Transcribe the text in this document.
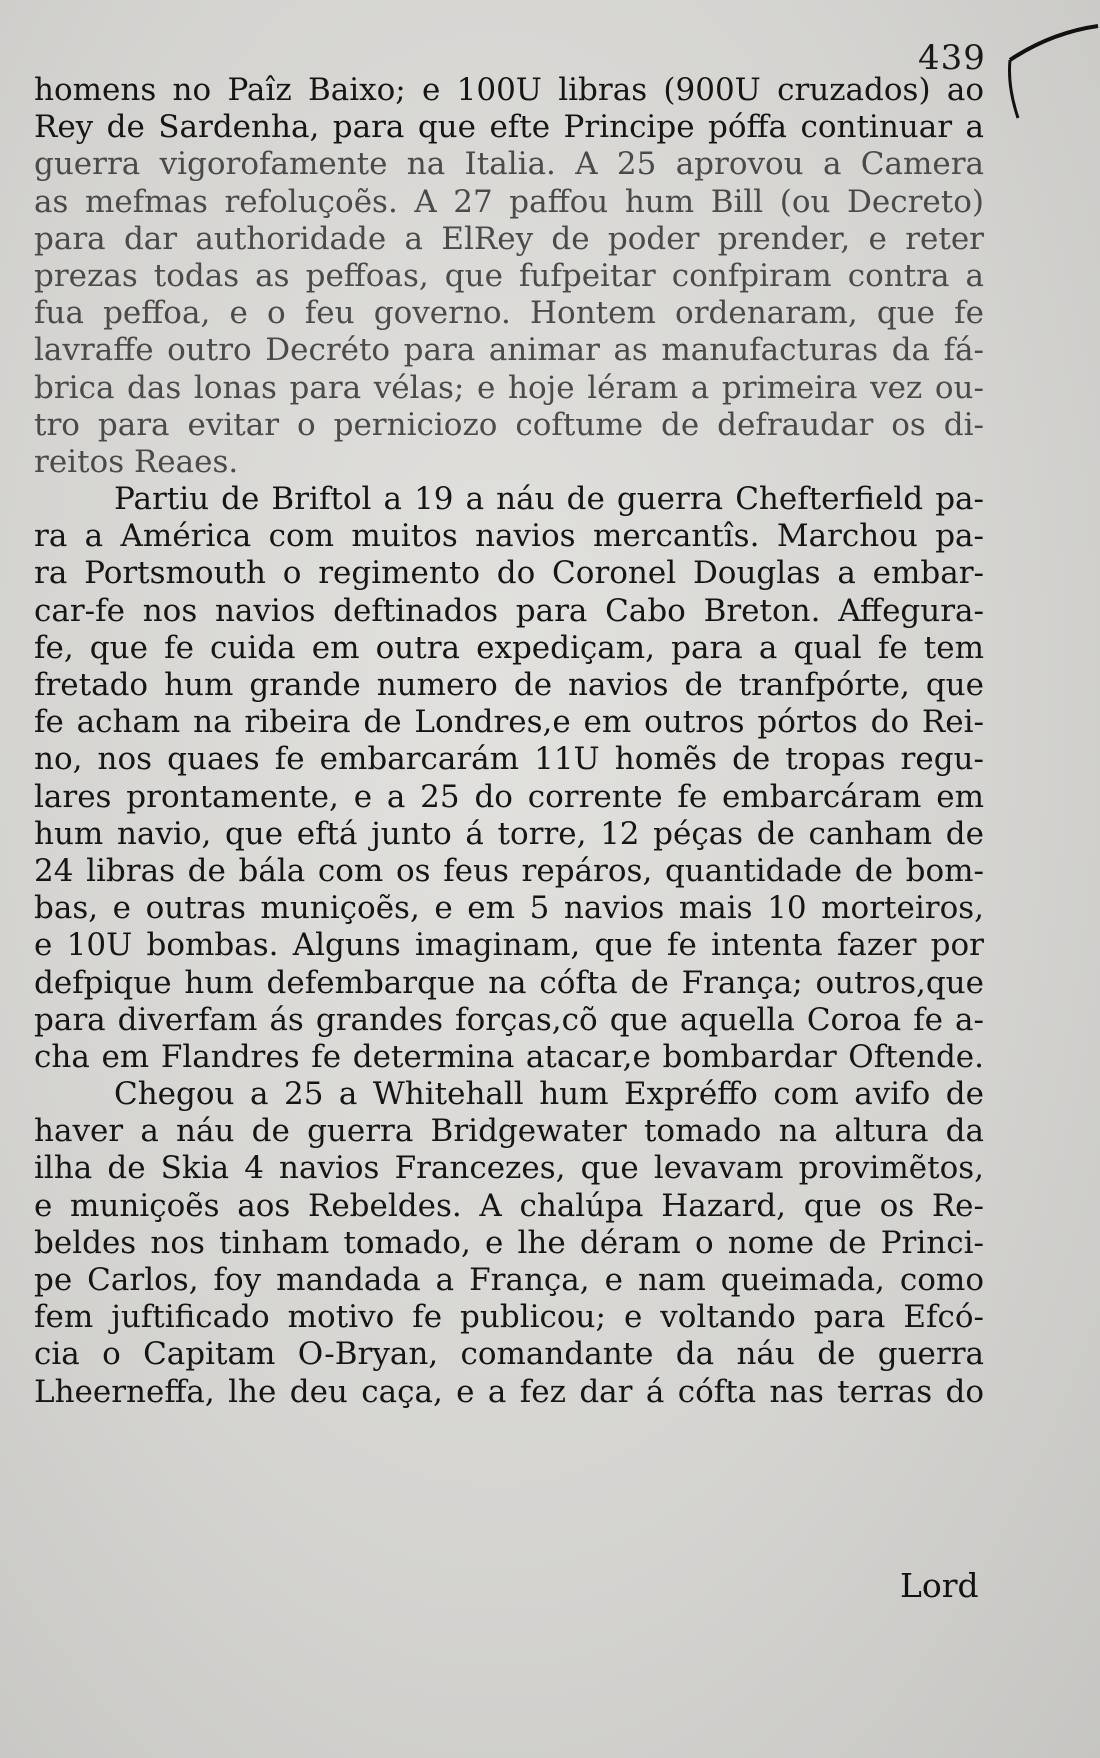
439
homens no Paîz Baixo; e 100U libras (900U cruzados) ao
Rey de Sardenha, para que efte Principe póffa continuar a
guerra vigorofamente na Italia. A 25 aprovou a Camera
as mefmas refoluçoẽs. A 27 paffou hum Bill (ou Decreto)
para dar authoridade a ElRey de poder prender, e reter
prezas todas as peffoas, que fufpeitar confpiram contra a
fua peffoa, e o feu governo. Hontem ordenaram, que fe
lavraffe outro Decréto para animar as manufacturas da fá-
brica das lonas para vélas; e hoje léram a primeira vez ou-
tro para evitar o perniciozo coftume de defraudar os di-
reitos Reaes.
Partiu de Briftol a 19 a náu de guerra Chefterfield pa-
ra a América com muitos navios mercantîs. Marchou pa-
ra Portsmouth o regimento do Coronel Douglas a embar-
car-fe nos navios deftinados para Cabo Breton. Affegura-
fe, que fe cuida em outra expediçam, para a qual fe tem
fretado hum grande numero de navios de tranfpórte, que
fe acham na ribeira de Londres,e em outros pórtos do Rei-
no, nos quaes fe embarcarám 11U homẽs de tropas regu-
lares prontamente, e a 25 do corrente fe embarcáram em
hum navio, que eftá junto á torre, 12 péças de canham de
24 libras de bála com os feus repáros, quantidade de bom-
bas, e outras muniçoẽs, e em 5 navios mais 10 morteiros,
e 10U bombas. Alguns imaginam, que fe intenta fazer por
defpique hum defembarque na cófta de França; outros,que
para diverfam ás grandes forças,cõ que aquella Coroa fe a-
cha em Flandres fe determina atacar,e bombardar Oftende.
Chegou a 25 a Whitehall hum Expréffo com avifo de
haver a náu de guerra Bridgewater tomado na altura da
ilha de Skia 4 navios Francezes, que levavam provimẽtos,
e muniçoẽs aos Rebeldes. A chalúpa Hazard, que os Re-
beldes nos tinham tomado, e lhe déram o nome de Princi-
pe Carlos, foy mandada a França, e nam queimada, como
fem juftificado motivo fe publicou; e voltando para Efcó-
cia o Capitam O-Bryan, comandante da náu de guerra
Lheerneffa, lhe deu caça, e a fez dar á cófta nas terras do
Lord
